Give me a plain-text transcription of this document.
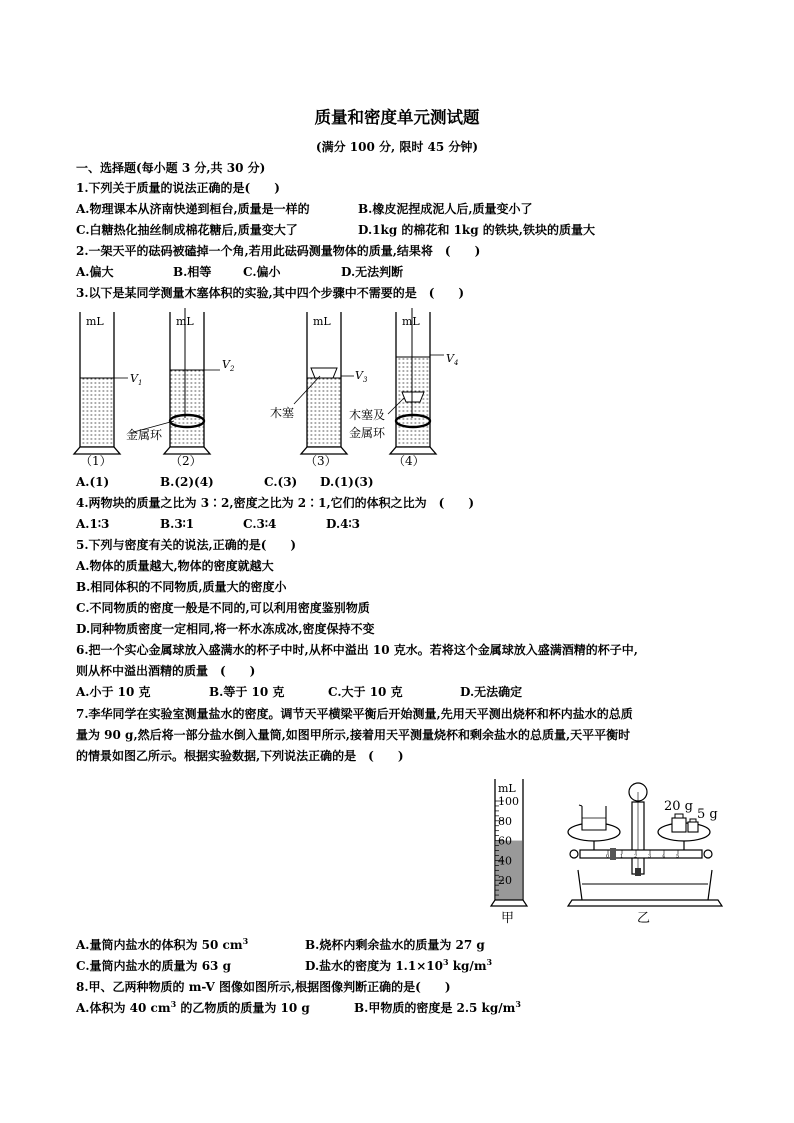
质量和密度单元测试题
(满分 100 分, 限时 45 分钟)
一、选择题(每小题 3 分,共 30 分)
1.下列关于质量的说法正确的是(　　)
A.物理课本从济南快递到桓台,质量是一样的	B.橡皮泥捏成泥人后,质量变小了
C.白糖热化抽丝制成棉花糖后,质量变大了	D.1kg 的棉花和 1kg 的铁块,铁块的质量大
2.一架天平的砝码被磕掉一个角,若用此砝码测量物体的质量,结果将　(　　)
A.偏大	B.相等	C.偏小	D.无法判断
3.以下是某同学测量木塞体积的实验,其中四个步骤中不需要的是　(　　)
mL
$V_1$
（1）
mL
$V_2$
金属环
（2）
mL
$V_3$
木塞
（3）
mL
$V_4$
木塞及
金属环
（4）
A.(1)	B.(2)(4)	C.(3) D.(1)(3)
4.两物块的质量之比为 3∶2,密度之比为 2∶1,它们的体积之比为　(　　)
A.1∶3	B.3∶1	C.3∶4	D.4∶3
5.下列与密度有关的说法,正确的是(　　)
A.物体的质量越大,物体的密度就越大
B.相同体积的不同物质,质量大的密度小
C.不同物质的密度一般是不同的,可以利用密度鉴别物质
D.同种物质密度一定相同,将一杯水冻成冰,密度保持不变
6.把一个实心金属球放入盛满水的杯子中时,从杯中溢出 10 克水。若将这个金属球放入盛满酒精的杯子中,
则从杯中溢出酒精的质量　(　　)
A.小于 10 克	B.等于 10 克	C.大于 10 克	D.无法确定
7.李华同学在实验室测量盐水的密度。调节天平横梁平衡后开始测量,先用天平测出烧杯和杯内盐水的总质
量为 90 g,然后将一部分盐水倒入量筒,如图甲所示,接着用天平测量烧杯和剩余盐水的总质量,天平平衡时
的情景如图乙所示。根据实验数据,下列说法正确的是　(　　)
100
80
60
40
20
mL
甲
0 1 2 3 4 5
20 g
5 g
乙
A.量筒内盐水的体积为 50 $cm^3$	B.烧杯内剩余盐水的质量为 27 g
C.量筒内盐水的质量为 63 g	D.盐水的密度为 $1.1\times 10^3$ $kg/m^3$
8.甲、乙两种物质的 m-V 图像如图所示,根据图像判断正确的是(　　)
A.体积为 40 $cm^3$ 的乙物质的质量为 10 g	B.甲物质的密度是 2.5 $kg/m^3$
